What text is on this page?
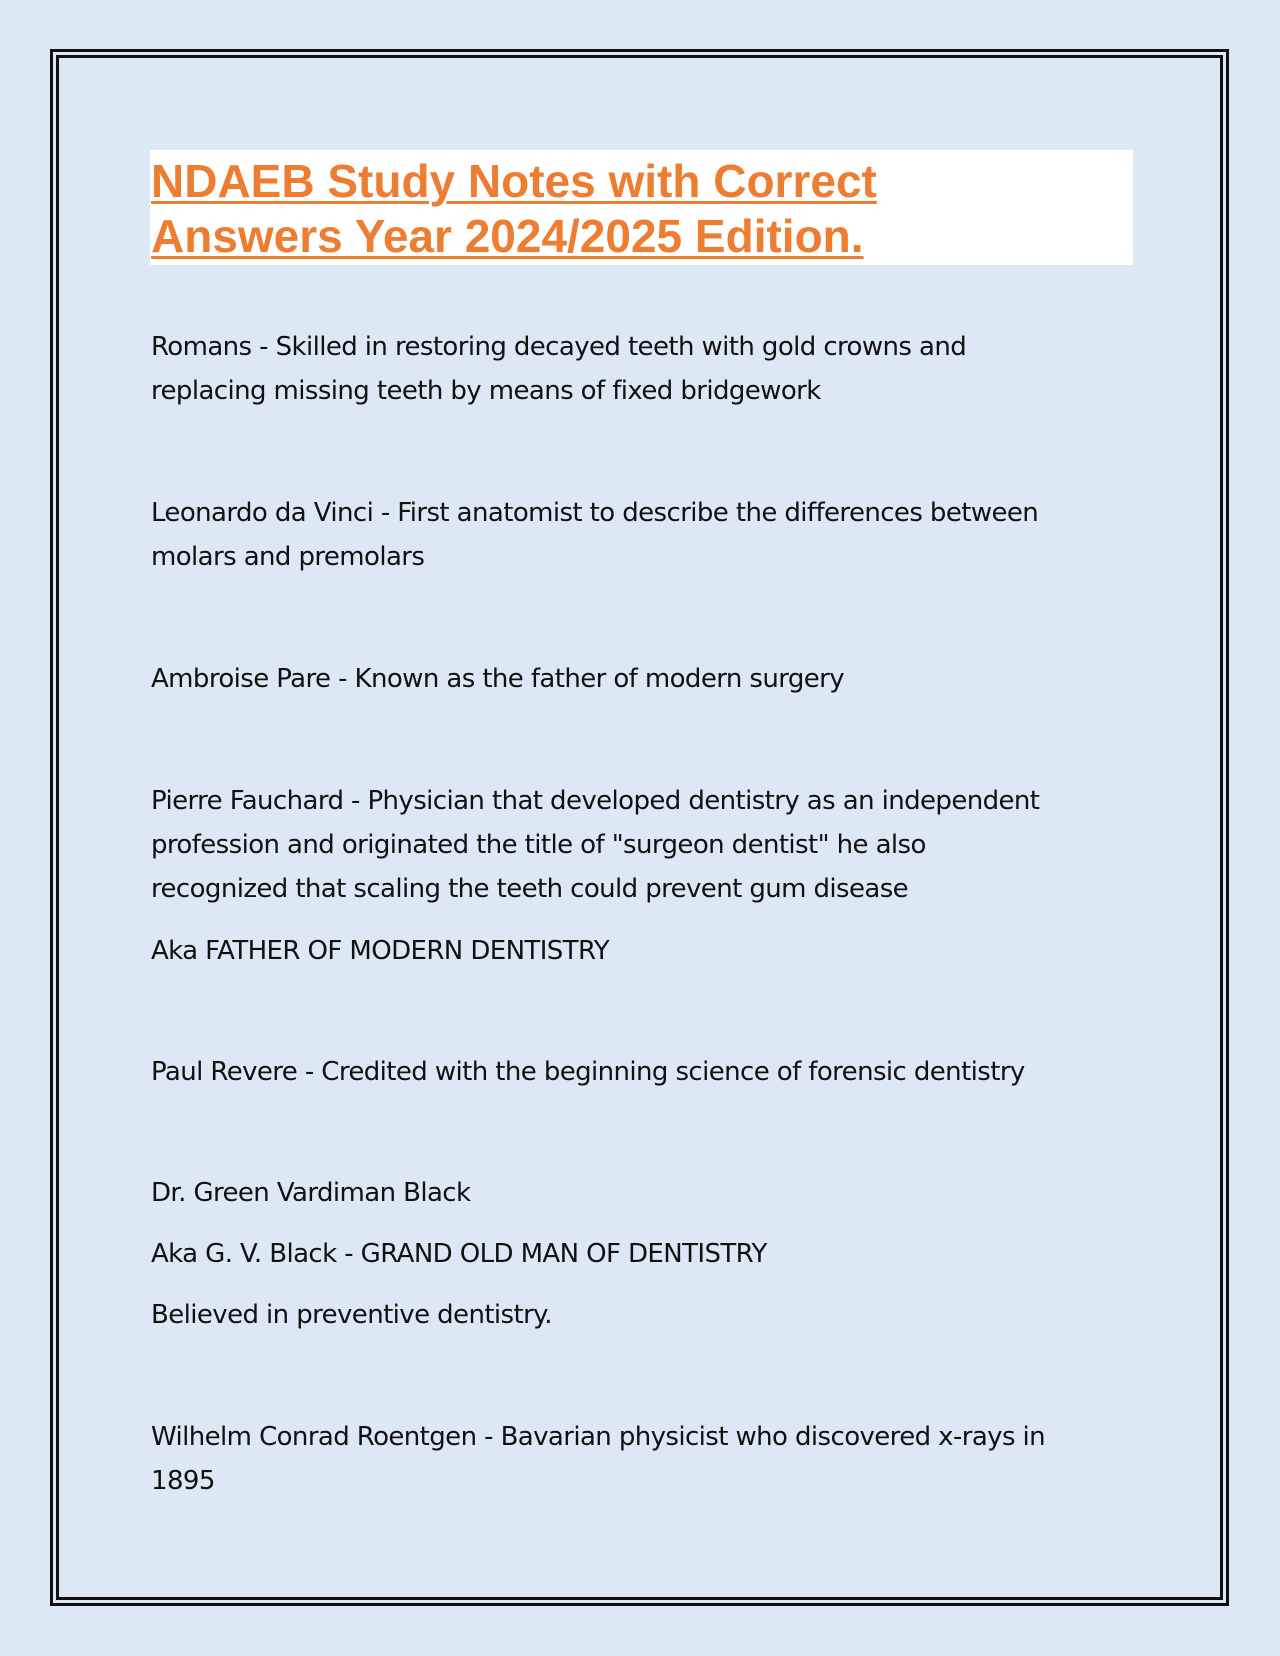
NDAEB Study Notes with Correct
Answers Year 2024/2025 Edition.

Romans - Skilled in restoring decayed teeth with gold crowns and
replacing missing teeth by means of fixed bridgework

Leonardo da Vinci - First anatomist to describe the differences between
molars and premolars

Ambroise Pare - Known as the father of modern surgery

Pierre Fauchard - Physician that developed dentistry as an independent
profession and originated the title of "surgeon dentist" he also
recognized that scaling the teeth could prevent gum disease

Aka FATHER OF MODERN DENTISTRY

Paul Revere - Credited with the beginning science of forensic dentistry

Dr. Green Vardiman Black

Aka G. V. Black - GRAND OLD MAN OF DENTISTRY

Believed in preventive dentistry.

Wilhelm Conrad Roentgen - Bavarian physicist who discovered x-rays in
1895
